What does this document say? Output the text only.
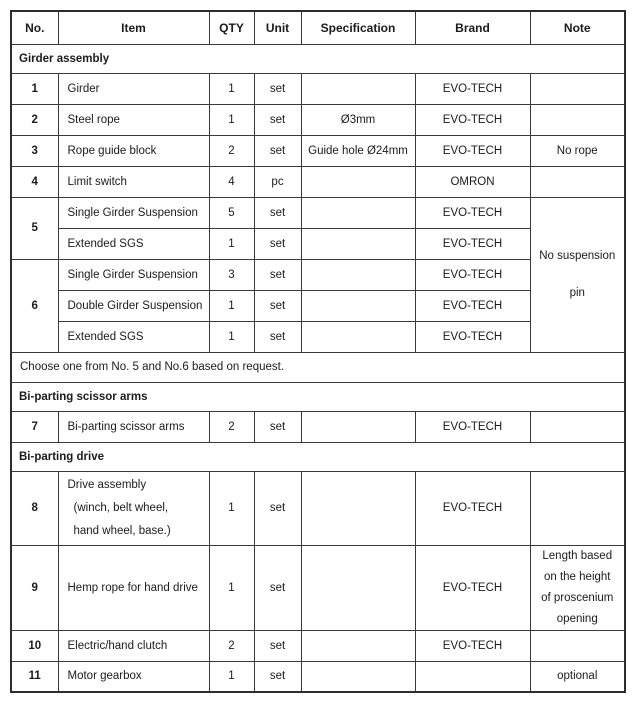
No.	Item	QTY	Unit	Specification	Brand	Note
Girder assembly						
1	Girder	1	set		EVO-TECH	
2	Steel rope	1	set	Ø3mm	EVO-TECH	
3	Rope guide block	2	set	Guide hole Ø24mm	EVO-TECH	No rope
4	Limit switch	4	pc		OMRON	
5	Single Girder Suspension	5	set		EVO-TECH	No suspension
pin

	Extended SGS	1	set		EVO-TECH	
6	Single Girder Suspension	3	set		EVO-TECH	
	Double Girder Suspension	1	set		EVO-TECH	
	Extended SGS	1	set		EVO-TECH	
Choose one from No. 5 and No.6 based on request.						
Bi-parting scissor arms						
7	Bi-parting scissor arms	2	set		EVO-TECH	
Bi-parting drive						
8	Drive assembly
(winch, belt wheel,
hand wheel, base.)	1	set		EVO-TECH	
9	Hemp rope for hand drive	1	set		EVO-TECH	Length based
on the height
of proscenium
opening

10	Electric/hand clutch	2	set		EVO-TECH	
11	Motor gearbox	1	set			optional
